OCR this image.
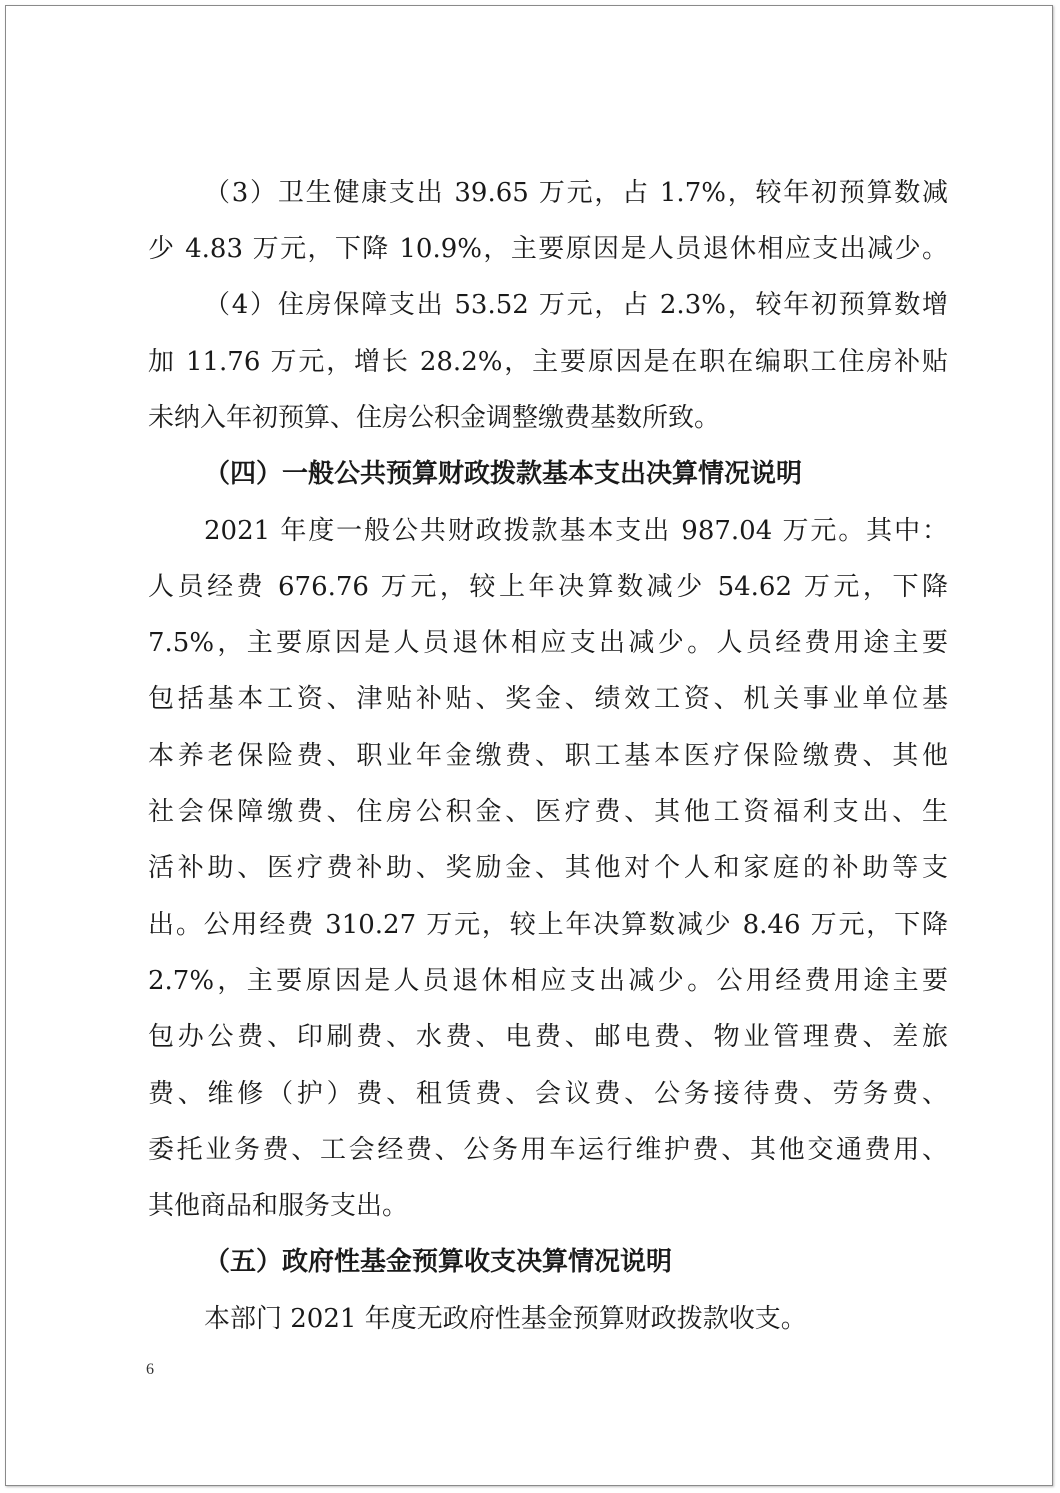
（3）卫生健康支出 39.65 万元，占 1.7%，较年初预算数减

少 4.83 万元，下降 10.9%，主要原因是人员退休相应支出减少。

（4）住房保障支出 53.52 万元，占 2.3%，较年初预算数增

加 11.76 万元，增长 28.2%，主要原因是在职在编职工住房补贴

未纳入年初预算、住房公积金调整缴费基数所致。

（四）一般公共预算财政拨款基本支出决算情况说明

2021 年度一般公共财政拨款基本支出 987.04 万元。其中：

人员经费 676.76 万元，较上年决算数减少 54.62 万元，下降

7.5%，主要原因是人员退休相应支出减少。人员经费用途主要

包括基本工资、津贴补贴、奖金、绩效工资、机关事业单位基

本养老保险费、职业年金缴费、职工基本医疗保险缴费、其他

社会保障缴费、住房公积金、医疗费、其他工资福利支出、生

活补助、医疗费补助、奖励金、其他对个人和家庭的补助等支

出。公用经费 310.27 万元，较上年决算数减少 8.46 万元，下降

2.7%，主要原因是人员退休相应支出减少。公用经费用途主要

包办公费、印刷费、水费、电费、邮电费、物业管理费、差旅

费、维修（护）费、租赁费、会议费、公务接待费、劳务费、

委托业务费、工会经费、公务用车运行维护费、其他交通费用、

其他商品和服务支出。

（五）政府性基金预算收支决算情况说明

本部门 2021 年度无政府性基金预算财政拨款收支。

6
